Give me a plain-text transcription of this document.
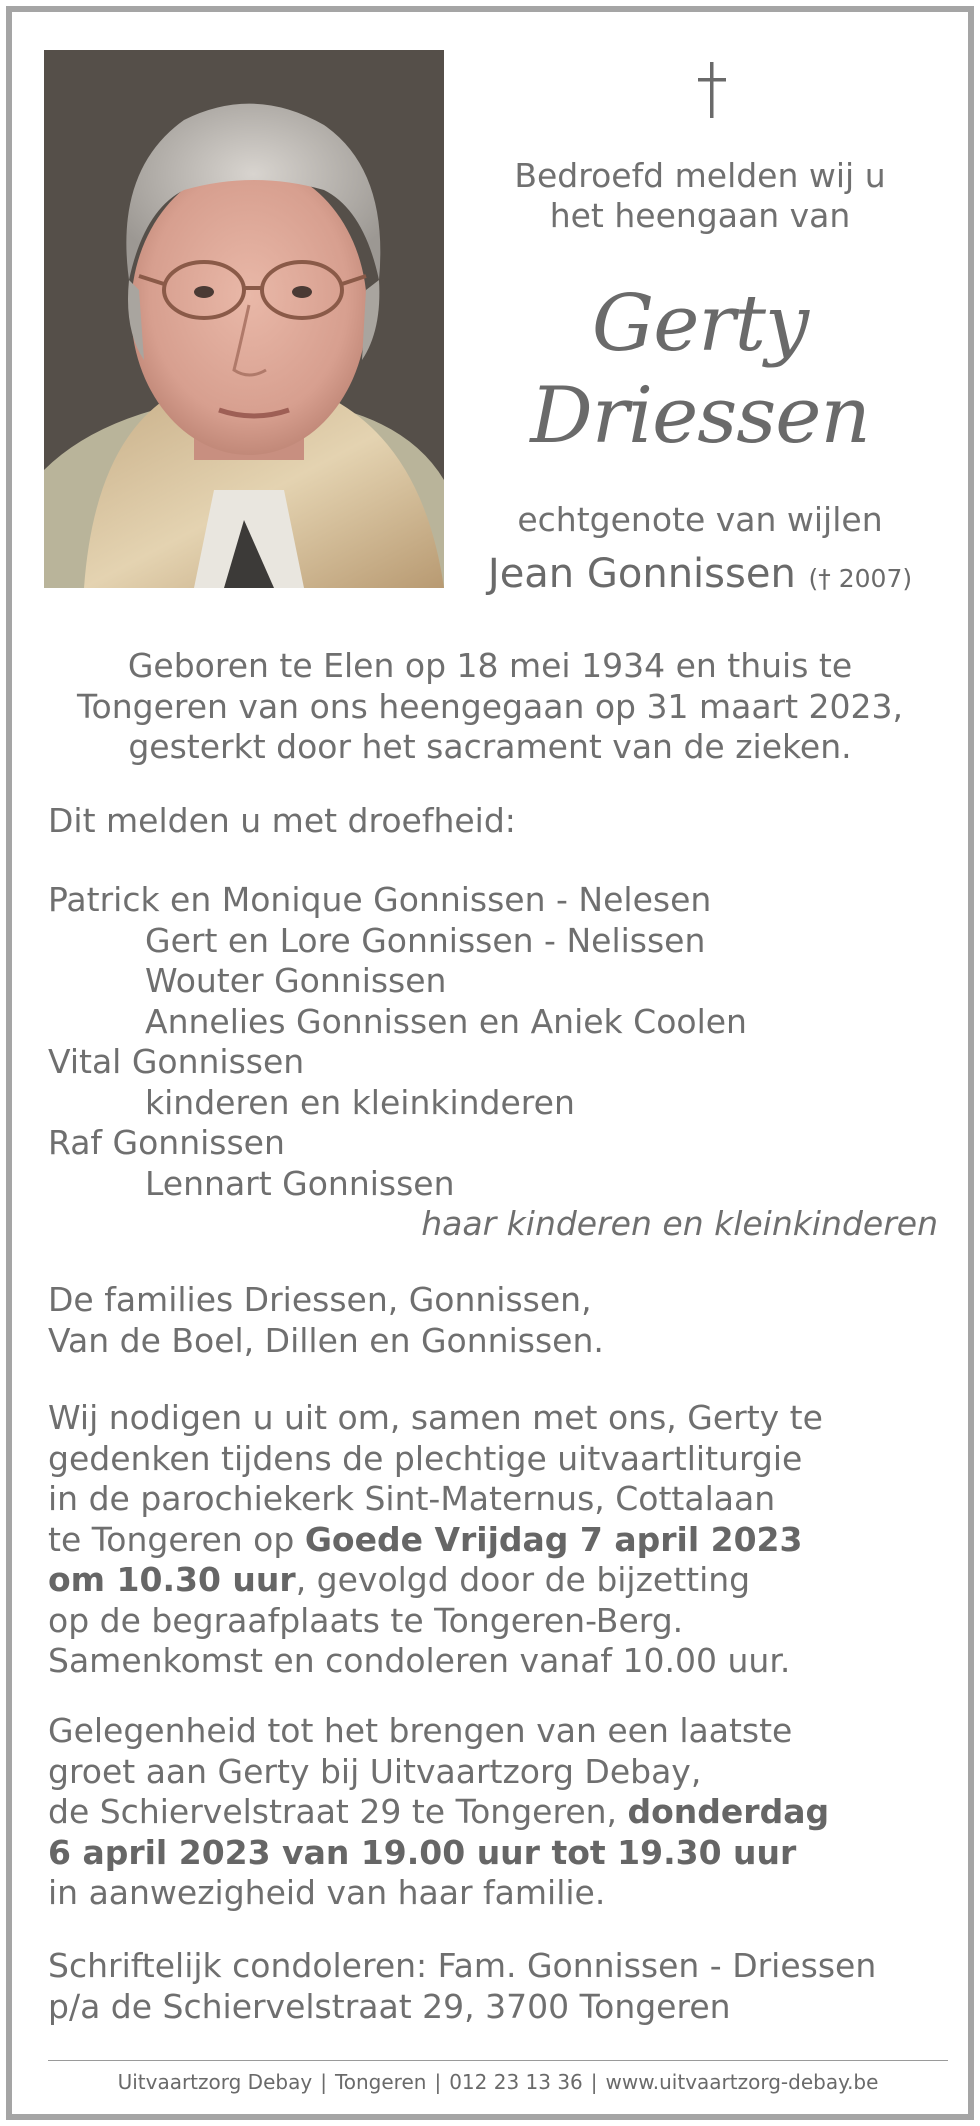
Bedroefd melden wij u
het heengaan van
Gerty
Driessen
echtgenote van wijlen
Jean Gonnissen († 2007)
Geboren te Elen op 18 mei 1934 en thuis te
Tongeren van ons heengegaan op 31 maart 2023,
gesterkt door het sacrament van de zieken.
Dit melden u met droefheid:
Patrick en Monique Gonnissen - Nelesen
Gert en Lore Gonnissen - Nelissen
Wouter Gonnissen
Annelies Gonnissen en Aniek Coolen
Vital Gonnissen
kinderen en kleinkinderen
Raf Gonnissen
Lennart Gonnissen
haar kinderen en kleinkinderen
De families Driessen, Gonnissen,
Van de Boel, Dillen en Gonnissen.
Wij nodigen u uit om, samen met ons, Gerty te
gedenken tijdens de plechtige uitvaartliturgie
in de parochiekerk Sint-Maternus, Cottalaan
te Tongeren op Goede Vrijdag 7 april 2023
om 10.30 uur, gevolgd door de bijzetting
op de begraafplaats te Tongeren-Berg.
Samenkomst en condoleren vanaf 10.00 uur.
Gelegenheid tot het brengen van een laatste
groet aan Gerty bij Uitvaartzorg Debay,
de Schiervelstraat 29 te Tongeren, donderdag
6 april 2023 van 19.00 uur tot 19.30 uur
in aanwezigheid van haar familie.
Schriftelijk condoleren: Fam. Gonnissen - Driessen
p/a de Schiervelstraat 29, 3700 Tongeren
Uitvaartzorg Debay | Tongeren | 012 23 13 36 | www.uitvaartzorg-debay.be
